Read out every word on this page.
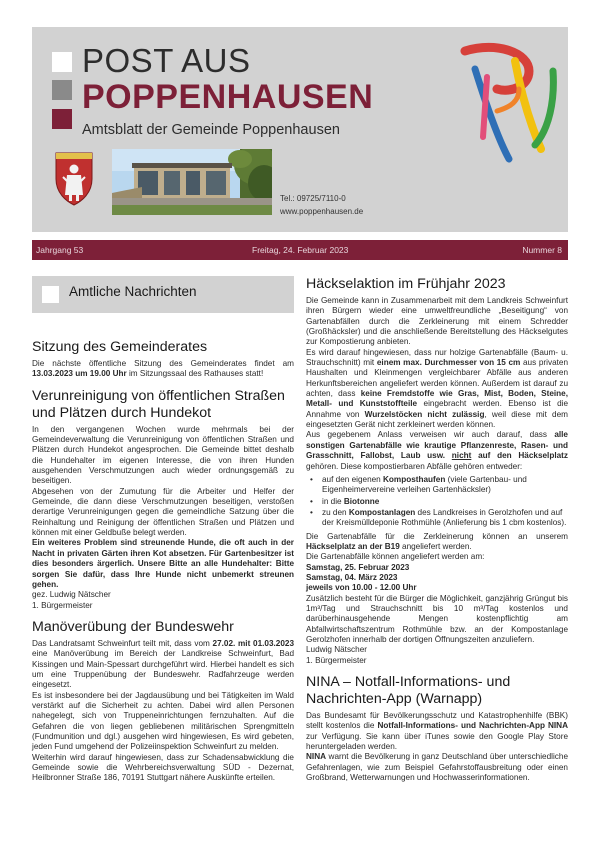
POST AUS
POPPENHAUSEN
Amtsblatt der Gemeinde Poppenhausen
Tel.: 09725/7110-0
www.poppenhausen.de
Jahrgang 53	Freitag, 24. Februar 2023	Nummer 8
Amtliche Nachrichten
Sitzung des Gemeinderates

Die nächste öffentliche Sitzung des Gemeinderates findet am 13.03.2023 um 19.00 Uhr im Sitzungssaal des Rathauses statt!

Verunreinigung von öffentlichen Straßen und Plätzen durch Hundekot

In den vergangenen Wochen wurde mehrmals bei der Gemeindeverwaltung die Verunreinigung von öffentlichen Straßen und Plätzen durch Hundekot angesprochen. Die Gemeinde bittet deshalb die Hundehalter im eigenen Interesse, die von ihren Hunden ausgehenden Verschmutzungen auch wieder ordnungsgemäß zu beseitigen.

Abgesehen von der Zumutung für die Arbeiter und Helfer der Gemeinde, die dann diese Verschmutzungen beseitigen, verstoßen derartige Verunreinigungen gegen die gemeindliche Satzung über die Reinhaltung und Reinigung der öffentlichen Straßen und Plätzen und können mit einer Geldbuße belegt werden.

Ein weiteres Problem sind streunende Hunde, die oft auch in der Nacht in privaten Gärten ihren Kot absetzen. Für Gartenbesitzer ist dies besonders ärgerlich. Unsere Bitte an alle Hundehalter: Bitte sorgen Sie dafür, dass Ihre Hunde nicht unbemerkt streunen gehen.

gez. Ludwig Nätscher

1. Bürgermeister

Manöverübung der Bundeswehr

Das Landratsamt Schweinfurt teilt mit, dass vom 27.02. mit 01.03.2023 eine Manöverübung im Bereich der Landkreise Schweinfurt, Bad Kissingen und Main-Spessart durchgeführt wird. Hierbei handelt es sich um eine Truppenübung der Bundeswehr. Radfahrzeuge werden eingesetzt.

Es ist insbesondere bei der Jagdausübung und bei Tätigkeiten im Wald verstärkt auf die Sicherheit zu achten. Dabei wird allen Personen nahegelegt, sich von Truppeneinrichtungen fernzuhalten. Auf die Gefahren die von liegen gebliebenen militärischen Sprengmitteln (Fundmunition und dgl.) ausgehen wird hingewiesen, Es wird gebeten, jeden Fund umgehend der Polizeiinspektion Schweinfurt zu melden.

Weiterhin wird darauf hingewiesen, dass zur Schadensabwicklung die Gemeinde sowie die Wehrbereichsverwaltung SÜD - Dezernat, Heilbronner Straße 186, 70191 Stuttgart nähere Auskünfte erteilen.

Häckselaktion im Frühjahr 2023

Die Gemeinde kann in Zusammenarbeit mit dem Landkreis Schweinfurt ihren Bürgern wieder eine umweltfreundliche „Beseitigung“ von Gartenabfällen durch die Zerkleinerung mit einem Schredder (Großhäcksler) und die anschließende Bereitstellung des Häckselgutes zur Kompostierung anbieten.

Es wird darauf hingewiesen, dass nur holzige Gartenabfälle (Baum- u. Strauchschnitt) mit einem max. Durchmesser von 15 cm aus privaten Haushalten und Kleinmengen vergleichbarer Abfälle aus anderen Herkunftsbereichen angeliefert werden können. Außerdem ist darauf zu achten, dass keine Fremdstoffe wie Gras, Mist, Boden, Steine, Metall- und Kunststoffteile eingebracht werden. Ebenso ist die Annahme von Wurzelstöcken nicht zulässig, weil diese mit dem eingesetzten Gerät nicht zerkleinert werden können.

Aus gegebenem Anlass verweisen wir auch darauf, dass alle sonstigen Gartenabfälle wie krautige Pflanzenreste, Rasen- und Grasschnitt, Fallobst, Laub usw. nicht auf den Häckselplatz gehören. Diese kompostierbaren Abfälle gehören entweder:

• auf den eigenen Komposthaufen (viele Gartenbau- und Eigenheimervereine verleihen Gartenhäcksler)
• in die Biotonne
• zu den Kompostanlagen des Landkreises in Gerolzhofen und auf der Kreismülldeponie Rothmühle (Anlieferung bis 1 cbm kostenlos).

Die Gartenabfälle für die Zerkleinerung können an unserem Häckselplatz an der B19 angeliefert werden.

Die Gartenabfälle können angeliefert werden am:

Samstag, 25. Februar 2023

Samstag, 04. März 2023

jeweils von 10.00 - 12.00 Uhr

Zusätzlich besteht für die Bürger die Möglichkeit, ganzjährig Grüngut bis 1m³/Tag und Strauchschnitt bis 10 m³/Tag kostenlos und darüberhinausgehende Mengen kostenpflichtig am Abfallwirtschaftszentrum Rothmühle bzw. an der Kompostanlage Gerolzhofen innerhalb der dortigen Öffnungszeiten anzuliefern.

Ludwig Nätscher

1. Bürgermeister

NINA – Notfall-Informations- und Nachrichten-App (Warnapp)

Das Bundesamt für Bevölkerungsschutz und Katastrophenhilfe (BBK) stellt kostenlos die Notfall-Informations- und Nachrichten-App NINA zur Verfügung. Sie kann über iTunes sowie den Google Play Store heruntergeladen werden.

NINA warnt die Bevölkerung in ganz Deutschland über unterschiedliche Gefahrenlagen, wie zum Beispiel Gefahrstoffausbreitung oder einen Großbrand, Wetterwarnungen und Hochwasserinformationen.
